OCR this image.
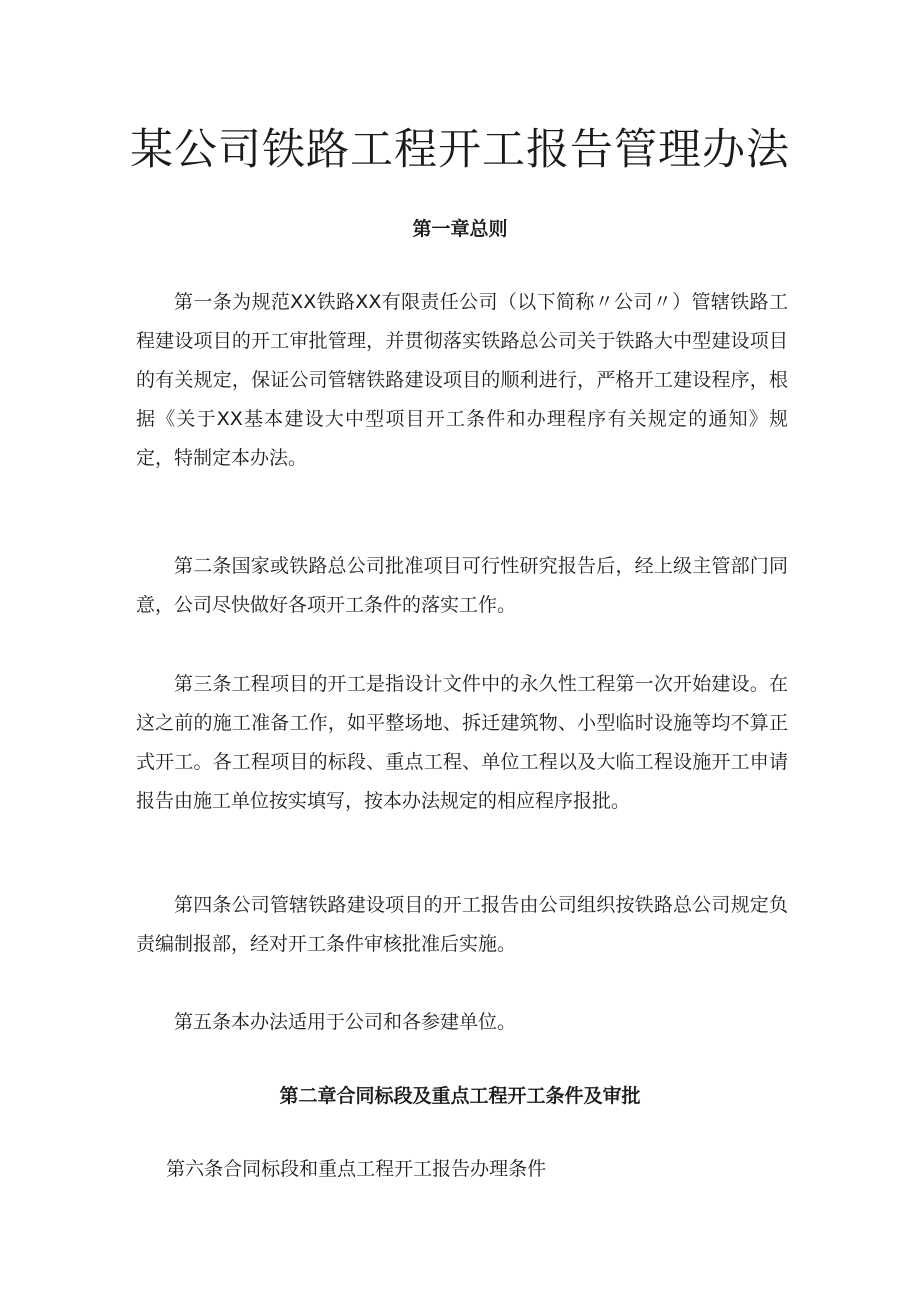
某公司铁路工程开工报告管理办法
第一章总则

第一条为规范XX铁路XX有限责任公司（以下简称〃公司〃）管辖铁路工程建设项目的开工审批管理，并贯彻落实铁路总公司关于铁路大中型建设项目的有关规定，保证公司管辖铁路建设项目的顺利进行，严格开工建设程序，根据《关于XX基本建设大中型项目开工条件和办理程序有关规定的通知》规定，特制定本办法。

第二条国家或铁路总公司批准项目可行性研究报告后，经上级主管部门同意，公司尽快做好各项开工条件的落实工作。

第三条工程项目的开工是指设计文件中的永久性工程第一次开始建设。在这之前的施工准备工作，如平整场地、拆迁建筑物、小型临时设施等均不算正式开工。各工程项目的标段、重点工程、单位工程以及大临工程设施开工申请报告由施工单位按实填写，按本办法规定的相应程序报批。

第四条公司管辖铁路建设项目的开工报告由公司组织按铁路总公司规定负责编制报部，经对开工条件审核批准后实施。

第五条本办法适用于公司和各参建单位。

第二章合同标段及重点工程开工条件及审批

第六条合同标段和重点工程开工报告办理条件
